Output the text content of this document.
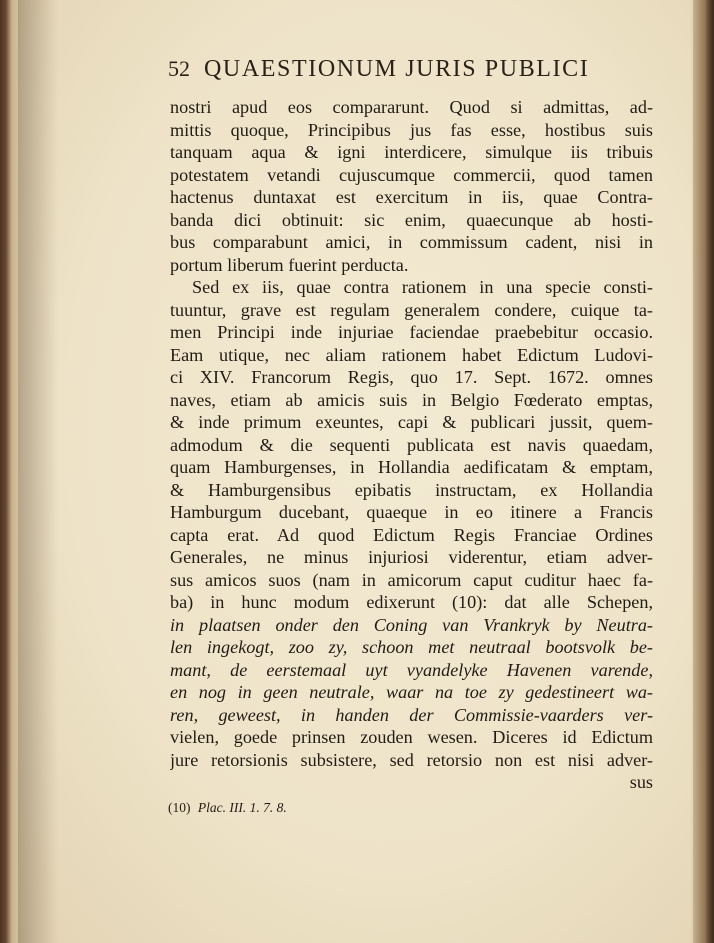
52 QUAESTIONUM JURIS PUBLICI
nostri apud eos compararunt. Quod si admittas, ad-
mittis quoque, Principibus jus fas esse, hostibus suis
tanquam aqua & igni interdicere, simulque iis tribuis
potestatem vetandi cujuscumque commercii, quod tamen
hactenus duntaxat est exercitum in iis, quae Contra-
banda dici obtinuit: sic enim, quaecunque ab hosti-
bus comparabunt amici, in commissum cadent, nisi in
portum liberum fuerint perducta.
Sed ex iis, quae contra rationem in una specie consti-
tuuntur, grave est regulam generalem condere, cuique ta-
men Principi inde injuriae faciendae praebebitur occasio.
Eam utique, nec aliam rationem habet Edictum Ludovi-
ci XIV. Francorum Regis, quo 17. Sept. 1672. omnes
naves, etiam ab amicis suis in Belgio Fœderato emptas,
& inde primum exeuntes, capi & publicari jussit, quem-
admodum & die sequenti publicata est navis quaedam,
quam Hamburgenses, in Hollandia aedificatam & emptam,
& Hamburgensibus epibatis instructam, ex Hollandia
Hamburgum ducebant, quaeque in eo itinere a Francis
capta erat. Ad quod Edictum Regis Franciae Ordines
Generales, ne minus injuriosi viderentur, etiam adver-
sus amicos suos (nam in amicorum caput cuditur haec fa-
ba) in hunc modum edixerunt (10): dat alle Schepen,
in plaatsen onder den Coning van Vrankryk by Neutra-
len ingekogt, zoo zy, schoon met neutraal bootsvolk be-
mant, de eerstemaal uyt vyandelyke Havenen varende,
en nog in geen neutrale, waar na toe zy gedestineert wa-
ren, geweest, in handen der Commissie-vaarders ver-
vielen, goede prinsen zouden wesen. Diceres id Edictum
jure retorsionis subsistere, sed retorsio non est nisi adver-
sus
(10) Plac. III. 1. 7. 8.
